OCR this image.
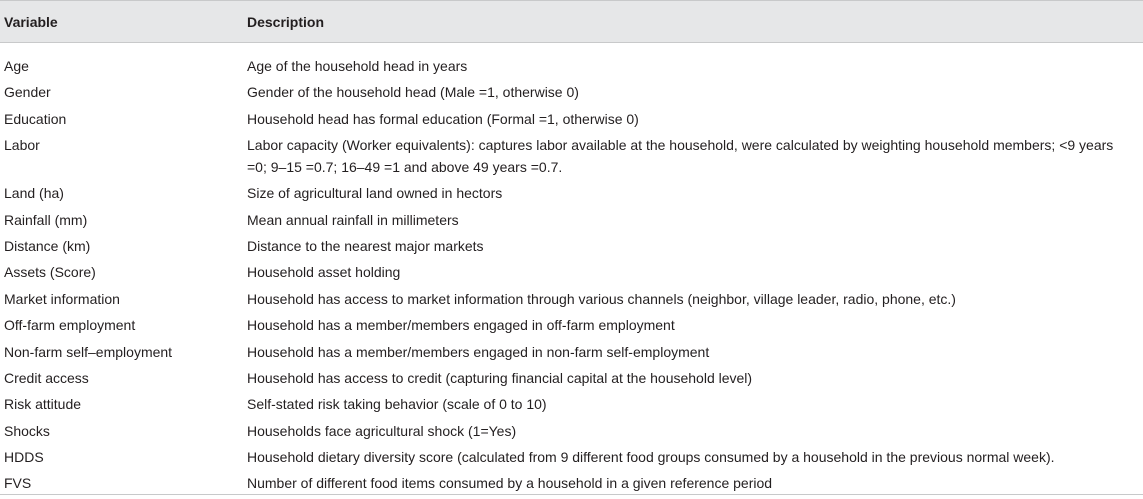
Variable	Description
Age	Age of the household head in years
Gender	Gender of the household head (Male =1, otherwise 0)
Education	Household head has formal education (Formal =1, otherwise 0)
Labor	Labor capacity (Worker equivalents): captures labor available at the household, were calculated by weighting household members; <9 years =0; 9–15 =0.7; 16–49 =1 and above 49 years =0.7.
Land (ha)	Size of agricultural land owned in hectors
Rainfall (mm)	Mean annual rainfall in millimeters
Distance (km)	Distance to the nearest major markets
Assets (Score)	Household asset holding
Market information	Household has access to market information through various channels (neighbor, village leader, radio, phone, etc.)
Off-farm employment	Household has a member/members engaged in off-farm employment
Non-farm self–employment	Household has a member/members engaged in non-farm self-employment
Credit access	Household has access to credit (capturing financial capital at the household level)
Risk attitude	Self-stated risk taking behavior (scale of 0 to 10)
Shocks	Households face agricultural shock (1=Yes)
HDDS	Household dietary diversity score (calculated from 9 different food groups consumed by a household in the previous normal week).
FVS	Number of different food items consumed by a household in a given reference period
